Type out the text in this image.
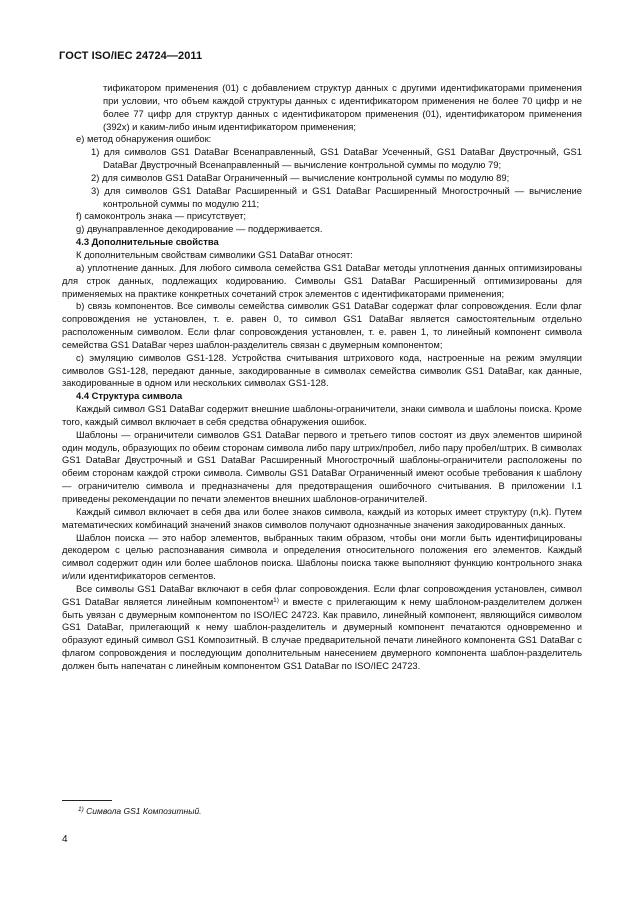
ГОСТ ISO/IEC 24724—2011

тификатором применения (01) с добавлением структур данных с другими идентификаторами применения при условии, что объем каждой структуры данных с идентификатором применения не более 70 цифр и не более 77 цифр для структур данных с идентификатором применения (01), идентификатором применения (392x) и каким-либо иным идентификатором применения;

е) метод обнаружения ошибок:

1) для символов GS1 DataBar Всенаправленный, GS1 DataBar Усеченный, GS1 DataBar Двустрочный, GS1 DataBar Двустрочный Всенаправленный — вычисление контрольной суммы по модулю 79;

2) для символов GS1 DataBar Ограниченный — вычисление контрольной суммы по модулю 89;

3) для символов GS1 DataBar Расширенный и GS1 DataBar Расширенный Многострочный — вычисление контрольной суммы по модулю 211;

f) самоконтроль знака — присутствует;

g) двунаправленное декодирование — поддерживается.

4.3 Дополнительные свойства

К дополнительным свойствам символики GS1 DataBar относят:

а) уплотнение данных. Для любого символа семейства GS1 DataBar методы уплотнения данных оптимизированы для строк данных, подлежащих кодированию. Символы GS1 DataBar Расширенный оптимизированы для применяемых на практике конкретных сочетаний строк элементов с идентификаторами применения;

b) связь компонентов. Все символы семейства символик GS1 DataBar содержат флаг сопровождения. Если флаг сопровождения не установлен, т. е. равен 0, то символ GS1 DataBar является самостоятельным отдельно расположенным символом. Если флаг сопровождения установлен, т. е. равен 1, то линейный компонент символа семейства GS1 DataBar через шаблон-разделитель связан с двумерным компонентом;

с) эмуляцию символов GS1-128. Устройства считывания штрихового кода, настроенные на режим эмуляции символов GS1-128, передают данные, закодированные в символах семейства символик GS1 DataBar, как данные, закодированные в одном или нескольких символах GS1-128.

4.4 Структура символа

Каждый символ GS1 DataBar содержит внешние шаблоны-ограничители, знаки символа и шаблоны поиска. Кроме того, каждый символ включает в себя средства обнаружения ошибок.

Шаблоны — ограничители символов GS1 DataBar первого и третьего типов состоят из двух элементов шириной один модуль, образующих по обеим сторонам символа либо пару штрих/пробел, либо пару пробел/штрих. В символах GS1 DataBar Двустрочный и GS1 DataBar Расширенный Многострочный шаблоны-ограничители расположены по обеим сторонам каждой строки символа. Символы GS1 DataBar Ограниченный имеют особые требования к шаблону — ограничителю символа и предназначены для предотвращения ошибочного считывания. В приложении I.1 приведены рекомендации по печати элементов внешних шаблонов-ограничителей.

Каждый символ включает в себя два или более знаков символа, каждый из которых имеет структуру (n,k). Путем математических комбинаций значений знаков символов получают однозначные значения закодированных данных.

Шаблон поиска — это набор элементов, выбранных таким образом, чтобы они могли быть идентифицированы декодером с целью распознавания символа и определения относительного положения его элементов. Каждый символ содержит один или более шаблонов поиска. Шаблоны поиска также выполняют функцию контрольного знака и/или идентификаторов сегментов.

Все символы GS1 DataBar включают в себя флаг сопровождения. Если флаг сопровождения установлен, символ GS1 DataBar является линейным компонентом$^{1)}$ и вместе с прилегающим к нему шаблоном-разделителем должен быть увязан с двумерным компонентом по ISO/IEC 24723. Как правило, линейный компонент, являющийся символом GS1 DataBar, прилегающий к нему шаблон-разделитель и двумерный компонент печатаются одновременно и образуют единый символ GS1 Композитный. В случае предварительной печати линейного компонента GS1 DataBar с флагом сопровождения и последующим дополнительным нанесением двумерного компонента шаблон-разделитель должен быть напечатан с линейным компонентом GS1 DataBar по ISO/IEC 24723.

$^{1)}$ Символа GS1 Композитный.
4
